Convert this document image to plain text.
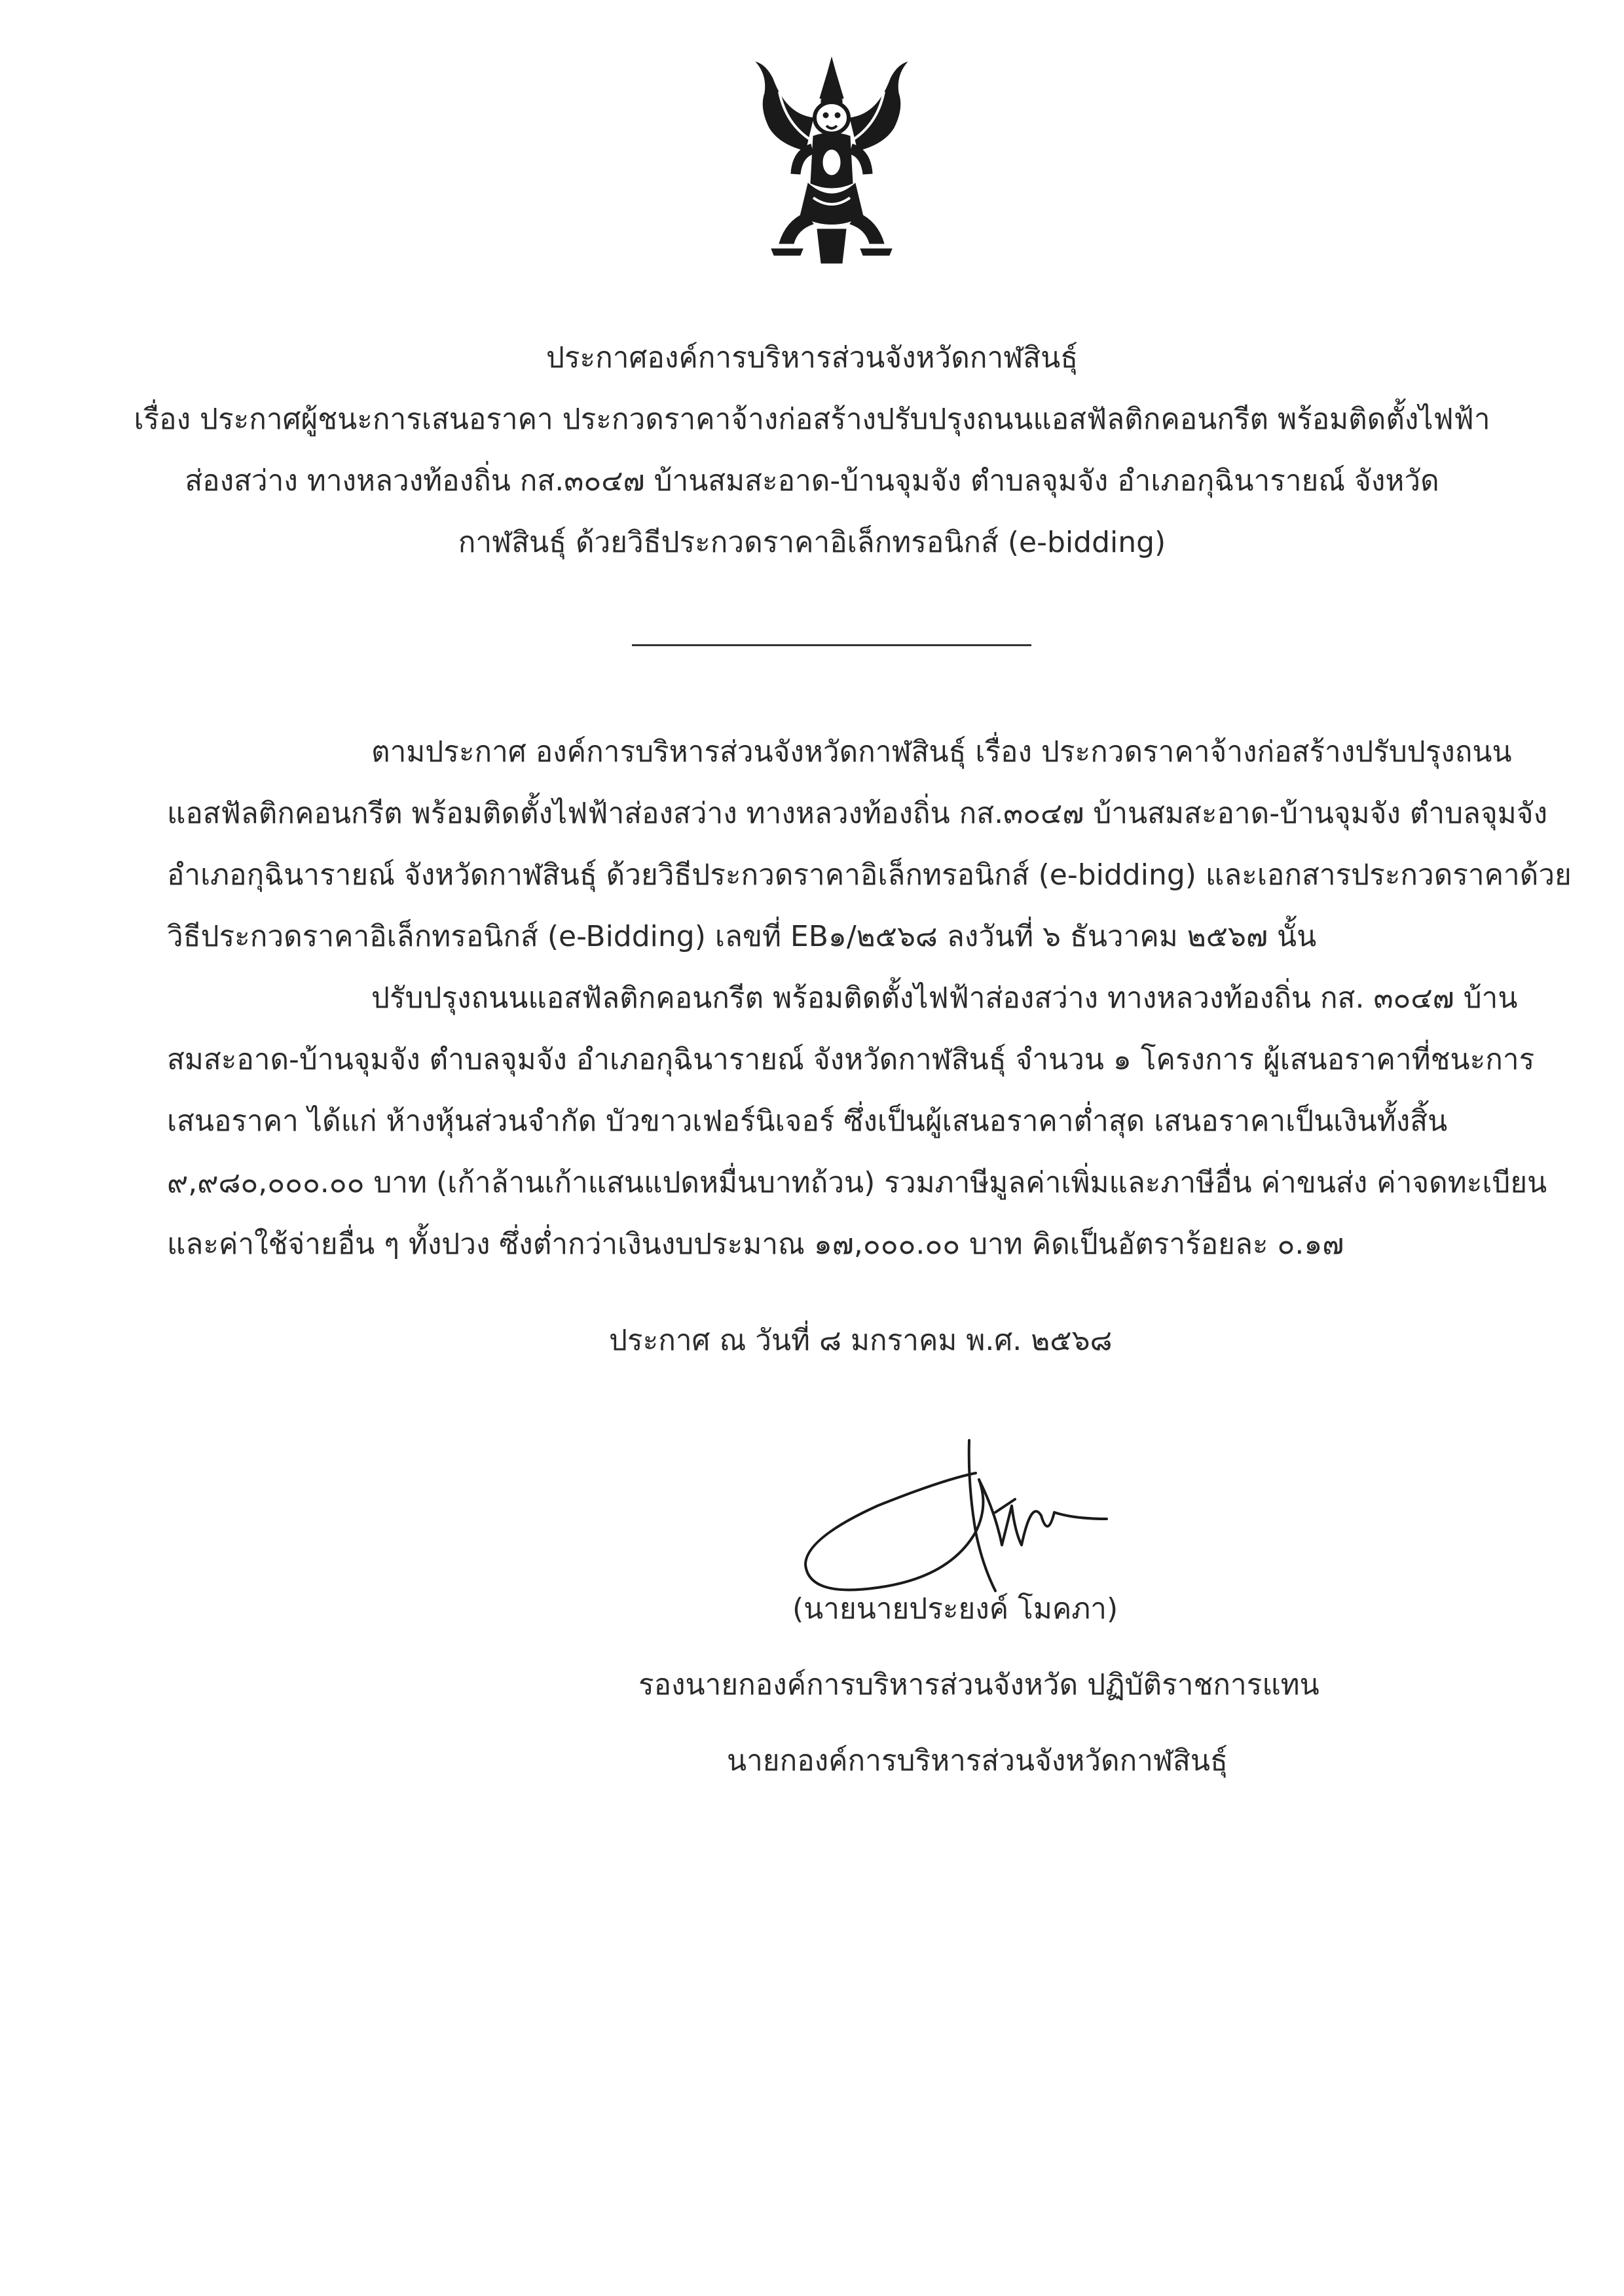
ประกาศองค์การบริหารส่วนจังหวัดกาฬสินธุ์
เรื่อง ประกาศผู้ชนะการเสนอราคา ประกวดราคาจ้างก่อสร้างปรับปรุงถนนแอสฟัลติกคอนกรีต พร้อมติดตั้งไฟฟ้า
ส่องสว่าง ทางหลวงท้องถิ่น กส.๓๐๔๗ บ้านสมสะอาด-บ้านจุมจัง ตำบลจุมจัง อำเภอกุฉินารายณ์ จังหวัด
กาฬสินธุ์ ด้วยวิธีประกวดราคาอิเล็กทรอนิกส์ (e-bidding)
ตามประกาศ องค์การบริหารส่วนจังหวัดกาฬสินธุ์ เรื่อง ประกวดราคาจ้างก่อสร้างปรับปรุงถนน
แอสฟัลติกคอนกรีต พร้อมติดตั้งไฟฟ้าส่องสว่าง ทางหลวงท้องถิ่น กส.๓๐๔๗ บ้านสมสะอาด-บ้านจุมจัง ตำบลจุมจัง
อำเภอกุฉินารายณ์ จังหวัดกาฬสินธุ์ ด้วยวิธีประกวดราคาอิเล็กทรอนิกส์ (e-bidding) และเอกสารประกวดราคาด้วย
วิธีประกวดราคาอิเล็กทรอนิกส์ (e-Bidding) เลขที่ EB๑/๒๕๖๘ ลงวันที่ ๖ ธันวาคม ๒๕๖๗ นั้น
ปรับปรุงถนนแอสฟัลติกคอนกรีต พร้อมติดตั้งไฟฟ้าส่องสว่าง ทางหลวงท้องถิ่น กส. ๓๐๔๗ บ้าน
สมสะอาด-บ้านจุมจัง ตำบลจุมจัง อำเภอกุฉินารายณ์ จังหวัดกาฬสินธุ์ จำนวน ๑ โครงการ ผู้เสนอราคาที่ชนะการ
เสนอราคา ได้แก่ ห้างหุ้นส่วนจำกัด บัวขาวเฟอร์นิเจอร์ ซึ่งเป็นผู้เสนอราคาต่ำสุด เสนอราคาเป็นเงินทั้งสิ้น
๙,๙๘๐,๐๐๐.๐๐ บาท (เก้าล้านเก้าแสนแปดหมื่นบาทถ้วน) รวมภาษีมูลค่าเพิ่มและภาษีอื่น ค่าขนส่ง ค่าจดทะเบียน
และค่าใช้จ่ายอื่น ๆ ทั้งปวง ซึ่งต่ำกว่าเงินงบประมาณ ๑๗,๐๐๐.๐๐ บาท คิดเป็นอัตราร้อยละ ๐.๑๗
ประกาศ ณ วันที่ ๘ มกราคม พ.ศ. ๒๕๖๘
(นายนายประยงค์ โมคภา)
รองนายกองค์การบริหารส่วนจังหวัด ปฏิบัติราชการแทน
นายกองค์การบริหารส่วนจังหวัดกาฬสินธุ์
